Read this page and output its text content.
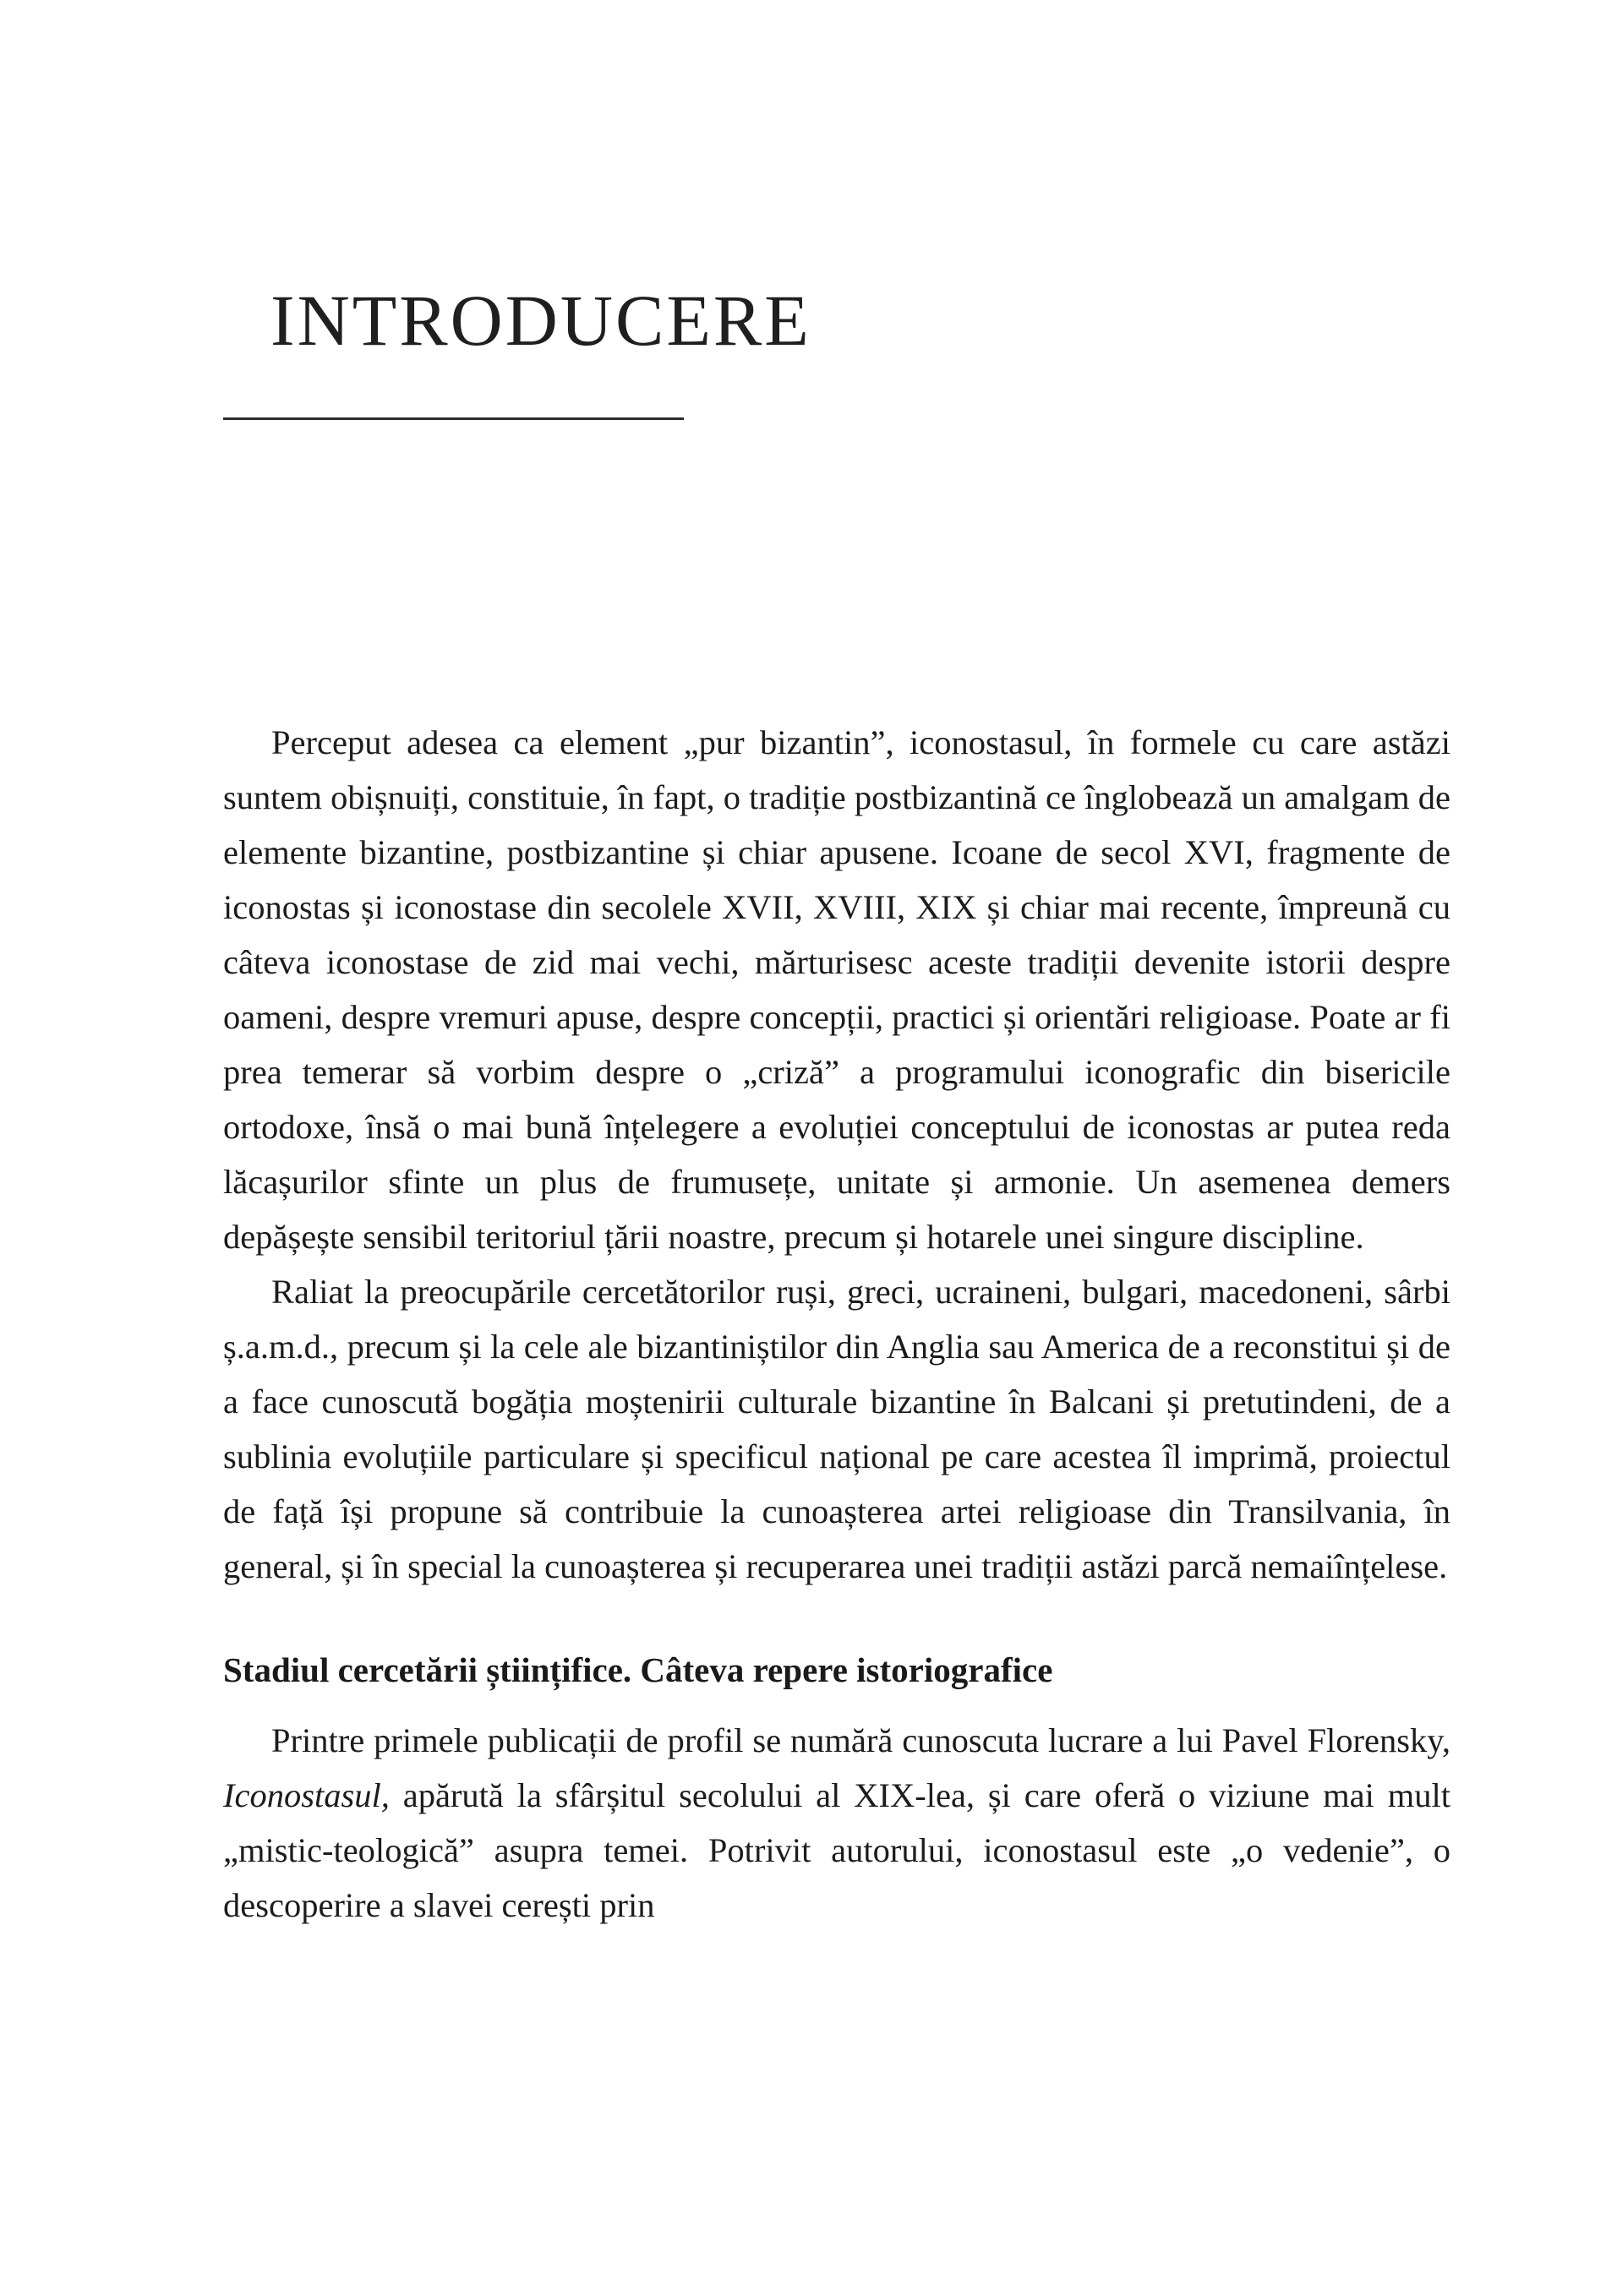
INTRODUCERE

Perceput adesea ca element „pur bizantin”, iconostasul, în formele cu care astăzi suntem obișnuiți, constituie, în fapt, o tradiție postbizantină ce înglobează un amalgam de elemente bizantine, postbizantine și chiar apusene. Icoane de secol XVI, fragmente de iconostas și iconostase din secolele XVII, XVIII, XIX și chiar mai recente, împreună cu câteva iconostase de zid mai vechi, mărturisesc aceste tradiții devenite istorii despre oameni, despre vremuri apuse, despre concepții, practici și orientări religioase. Poate ar fi prea temerar să vorbim despre o „criză” a programului iconografic din bisericile ortodoxe, însă o mai bună înțelegere a evoluției conceptului de iconostas ar putea reda lăcașurilor sfinte un plus de frumusețe, unitate și armonie. Un asemenea demers depășește sensibil teritoriul țării noastre, precum și hotarele unei singure discipline.

Raliat la preocupările cercetătorilor ruși, greci, ucraineni, bulgari, macedoneni, sârbi ș.a.m.d., precum și la cele ale bizantiniștilor din Anglia sau America de a reconstitui și de a face cunoscută bogăția moștenirii culturale bizantine în Balcani și pretutindeni, de a sublinia evoluțiile particulare și specificul național pe care acestea îl imprimă, proiectul de față își propune să contribuie la cunoașterea artei religioase din Transilvania, în general, și în special la cunoașterea și recuperarea unei tradiții astăzi parcă nemaiînțelese.

Stadiul cercetării științifice. Câteva repere istoriografice

Printre primele publicații de profil se numără cunoscuta lucrare a lui Pavel Florensky, Iconostasul, apărută la sfârșitul secolului al XIX-lea, și care oferă o viziune mai mult „mistic-teologică” asupra temei. Potrivit autorului, iconostasul este „o vedenie”, o descoperire a slavei cerești prin
